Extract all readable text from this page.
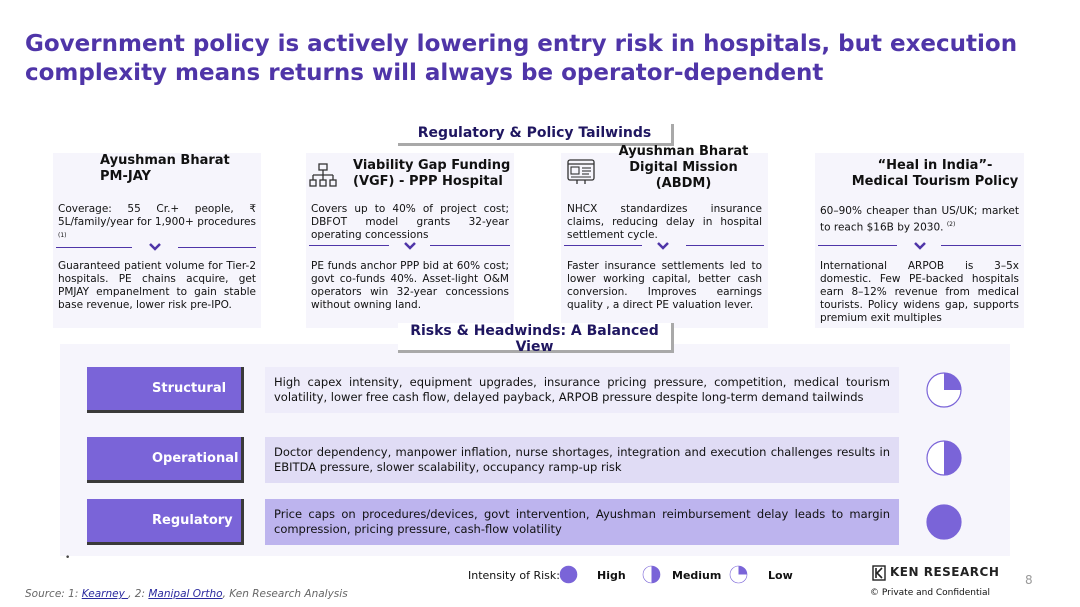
Government policy is actively lowering entry risk in hospitals, but execution complexity means returns will always be operator-dependent
Regulatory & Policy Tailwinds
Ayushman Bharat PM-JAY
Coverage: 55 Cr.+ people, ₹ 5L/family/year for 1,900+ procedures $^{(1)}$
Guaranteed patient volume for Tier-2 hospitals. PE chains acquire, get PMJAY empanelment to gain stable base revenue, lower risk pre-IPO.
Viability Gap Funding (VGF) - PPP Hospital
Covers up to 40% of project cost; DBFOT model grants 32-year operating concessions
PE funds anchor PPP bid at 60% cost; govt co-funds 40%. Asset-light O&M operators win 32-year concessions without owning land.
Ayushman Bharat Digital Mission (ABDM)
NHCX standardizes insurance claims, reducing delay in hospital settlement cycle.
Faster insurance settlements led to lower working capital, better cash conversion. Improves earnings quality , a direct PE valuation lever.
“Heal in India”- Medical Tourism Policy
60–90% cheaper than US/UK; market to reach $16B by 2030. $^{(2)}$
International ARPOB is 3–5x domestic. Few PE-backed hospitals earn 8–12% revenue from medical tourists. Policy widens gap, supports premium exit multiples
Risks & Headwinds: A Balanced View
Structural	High capex intensity, equipment upgrades, insurance pricing pressure, competition, medical tourism volatility, lower free cash flow, delayed payback, ARPOB pressure despite long-term demand tailwinds
Operational	Doctor dependency, manpower inflation, nurse shortages, integration and execution challenges results in EBITDA pressure, slower scalability, occupancy ramp-up risk
Regulatory	Price caps on procedures/devices, govt intervention, Ayushman reimbursement delay leads to margin compression, pricing pressure, cash-flow volatility
•
Intensity of Risk:	High	Medium	Low
Source: 1: Kearney , 2: Manipal Ortho, Ken Research Analysis
KEN RESEARCH
8
© Private and Confidential
